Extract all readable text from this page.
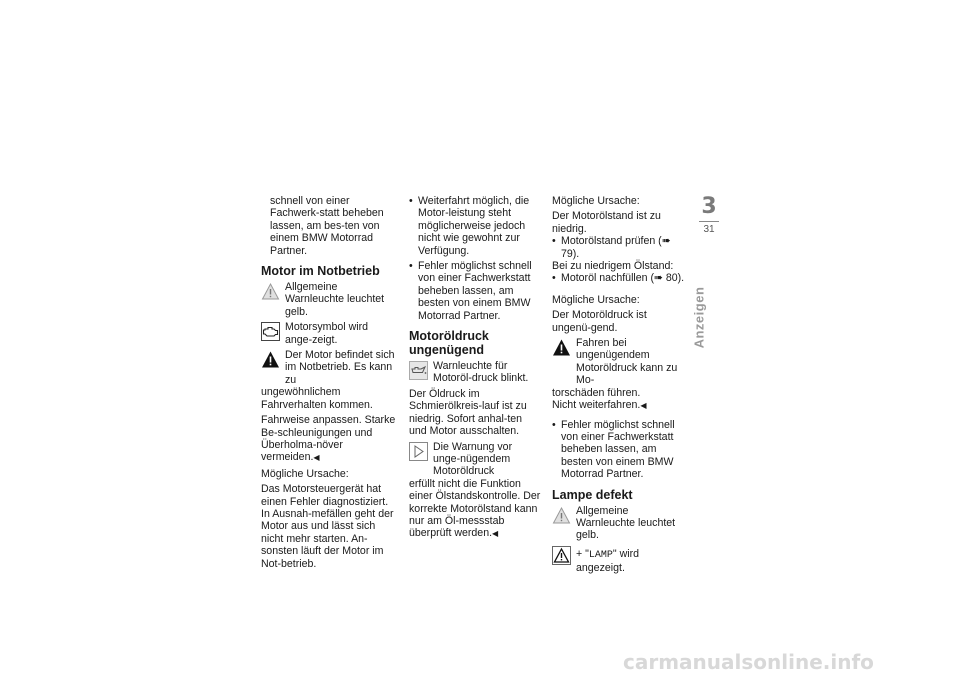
schnell von einer Fachwerk-statt beheben lassen, am bes-ten von einem BMW Motorrad Partner.

Motor im Notbetrieb
Allgemeine Warnleuchte leuchtet gelb.
Motorsymbol wird ange-zeigt.
Der Motor befindet sich im Notbetrieb. Es kann zu

ungewöhnlichem Fahrverhalten kommen.

Fahrweise anpassen. Starke Be-schleunigungen und Überholma-növer vermeiden.◀

Mögliche Ursache:

Das Motorsteuergerät hat einen Fehler diagnostiziert. In Ausnah-mefällen geht der Motor aus und lässt sich nicht mehr starten. An-sonsten läuft der Motor im Not-betrieb.

• Weiterfahrt möglich, die Motor-leistung steht möglicherweise jedoch nicht wie gewohnt zur Verfügung.
• Fehler möglichst schnell von einer Fachwerkstatt beheben lassen, am besten von einem BMW Motorrad Partner.
Motoröldruck ungenügend
Warnleuchte für Motoröl-druck blinkt.

Der Öldruck im Schmierölkreis-lauf ist zu niedrig. Sofort anhal-ten und Motor ausschalten.

Die Warnung vor unge-nügendem Motoröldruck

erfüllt nicht die Funktion einer Ölstandskontrolle. Der korrekte Motorölstand kann nur am Öl-messstab überprüft werden.◀

Mögliche Ursache:

Der Motorölstand ist zu niedrig.

• Motorölstand prüfen (➠ 79).

Bei zu niedrigem Ölstand:

• Motoröl nachfüllen (➠ 80).

Mögliche Ursache:

Der Motoröldruck ist ungenü-gend.

Fahren bei ungenügendem Motoröldruck kann zu Mo-

torschäden führen.

Nicht weiterfahren.◀

• Fehler möglichst schnell von einer Fachwerkstatt beheben lassen, am besten von einem BMW Motorrad Partner.
Lampe defekt
Allgemeine Warnleuchte leuchtet gelb.
+ "LAMP" wird angezeigt.
3
31
Anzeigen
carmanualsonline.info
